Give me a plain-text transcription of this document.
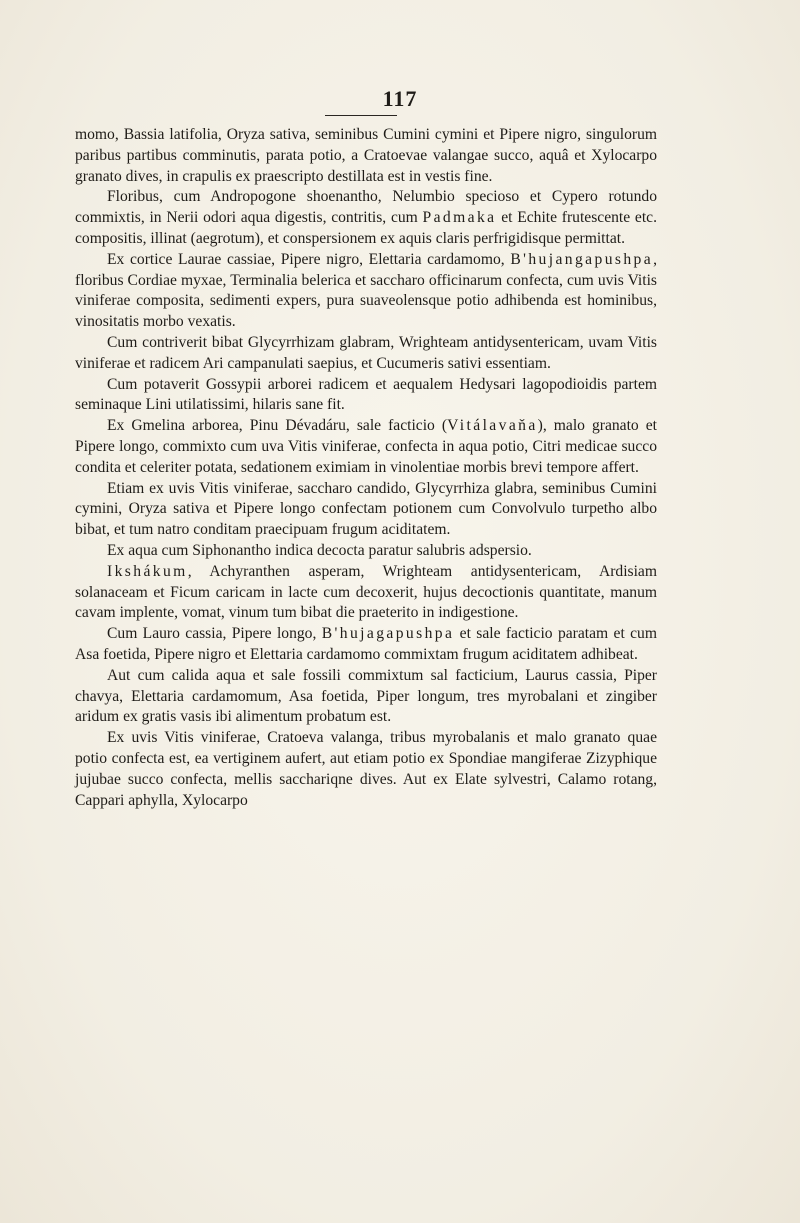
117

momo, Bassia latifolia, Oryza sativa, seminibus Cumini cymini et Pipere nigro, singulorum paribus partibus comminutis, parata potio, a Cratoevae valangae succo, aquâ et Xylocarpo granato dives, in crapulis ex praescripto destillata est in vestis fine.

Floribus, cum Andropogone shoenantho, Nelumbio specioso et Cypero rotundo commixtis, in Nerii odori aqua digestis, contritis, cum Padmaka et Echite frutescente etc. compositis, illinat (aegrotum), et conspersionem ex aquis claris perfrigidisque permittat.

Ex cortice Laurae cassiae, Pipere nigro, Elettaria cardamomo, B'hujangapushpa, floribus Cordiae myxae, Terminalia belerica et saccharo officinarum confecta, cum uvis Vitis viniferae composita, sedimenti expers, pura suaveolensque potio adhibenda est hominibus, vinositatis morbo vexatis.

Cum contriverit bibat Glycyrrhizam glabram, Wrighteam antidysentericam, uvam Vitis viniferae et radicem Ari campanulati saepius, et Cucumeris sativi essentiam.

Cum potaverit Gossypii arborei radicem et aequalem Hedysari lagopodioidis partem seminaque Lini utilatissimi, hilaris sane fit.

Ex Gmelina arborea, Pinu Dévadáru, sale facticio (Vitálavaňa), malo granato et Pipere longo, commixto cum uva Vitis viniferae, confecta in aqua potio, Citri medicae succo condita et celeriter potata, sedationem eximiam in vinolentiae morbis brevi tempore affert.

Etiam ex uvis Vitis viniferae, saccharo candido, Glycyrrhiza glabra, seminibus Cumini cymini, Oryza sativa et Pipere longo confectam potionem cum Convolvulo turpetho albo bibat, et tum natro conditam praecipuam frugum aciditatem.

Ex aqua cum Siphonantho indica decocta paratur salubris adspersio.

Ikshákum, Achyranthen asperam, Wrighteam antidysentericam, Ardisiam solanaceam et Ficum caricam in lacte cum decoxerit, hujus decoctionis quantitate, manum cavam implente, vomat, vinum tum bibat die praeterito in indigestione.

Cum Lauro cassia, Pipere longo, B'hujagapushpa et sale facticio paratam et cum Asa foetida, Pipere nigro et Elettaria cardamomo commixtam frugum aciditatem adhibeat.

Aut cum calida aqua et sale fossili commixtum sal facticium, Laurus cassia, Piper chavya, Elettaria cardamomum, Asa foetida, Piper longum, tres myrobalani et zingiber aridum ex gratis vasis ibi alimentum probatum est.

Ex uvis Vitis viniferae, Cratoeva valanga, tribus myrobalanis et malo granato quae potio confecta est, ea vertiginem aufert, aut etiam potio ex Spondiae mangiferae Zizyphique jujubae succo confecta, mellis sacchariqne dives. Aut ex Elate sylvestri, Calamo rotang, Cappari aphylla, Xylocarpo
